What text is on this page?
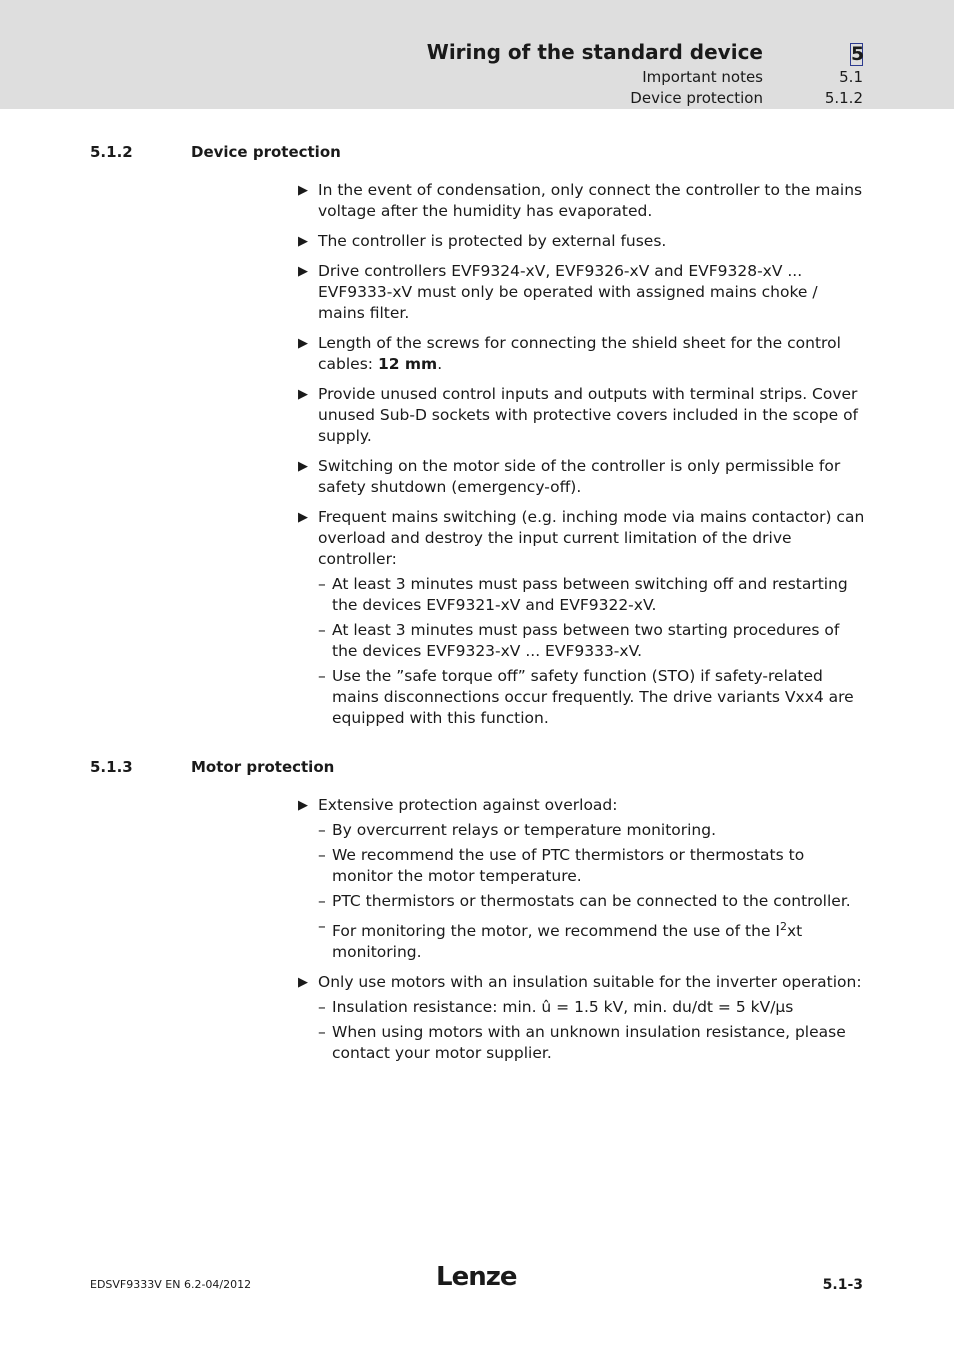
Wiring of the standard device	5
Important notes	5.1
Device protection	5.1.2
5.1.2	Device protection
▶ In the event of condensation, only connect the controller to the mains voltage after the humidity has evaporated.
▶ The controller is protected by external fuses.
▶ Drive controllers EVF9324-xV, EVF9326-xV and EVF9328-xV ... EVF9333-xV must only be operated with assigned mains choke / mains filter.
▶ Length of the screws for connecting the shield sheet for the control cables: 12 mm.
▶ Provide unused control inputs and outputs with terminal strips. Cover unused Sub-D sockets with protective covers included in the scope of supply.
▶ Switching on the motor side of the controller is only permissible for safety shutdown (emergency-off).
▶ Frequent mains switching (e.g. inching mode via mains contactor) can overload and destroy the input current limitation of the drive controller:
– At least 3 minutes must pass between switching off and restarting the devices EVF9321-xV and EVF9322-xV.
– At least 3 minutes must pass between two starting procedures of the devices EVF9323-xV ... EVF9333-xV.
– Use the ”safe torque off” safety function (STO) if safety-related mains disconnections occur frequently. The drive variants Vxx4 are equipped with this function.
5.1.3	Motor protection
▶ Extensive protection against overload:
– By overcurrent relays or temperature monitoring.
– We recommend the use of PTC thermistors or thermostats to monitor the motor temperature.
– PTC thermistors or thermostats can be connected to the controller.
– For monitoring the motor, we recommend the use of the $I^2xt$ monitoring.
▶ Only use motors with an insulation suitable for the inverter operation:
– Insulation resistance: min. û = 1.5 kV, min. du/dt = 5 kV/μs
– When using motors with an unknown insulation resistance, please contact your motor supplier.
EDSVF9333V EN 6.2-04/2012	Lenze	5.1-3
